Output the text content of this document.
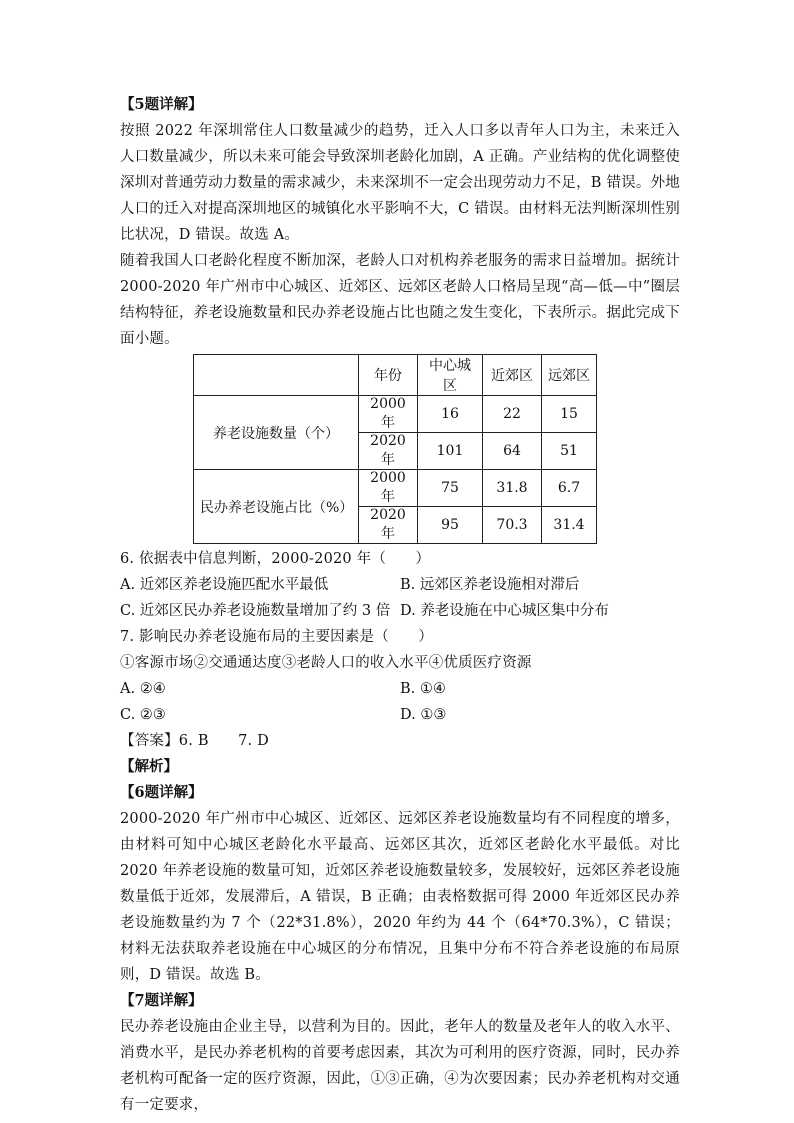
【5题详解】

按照 2022 年深圳常住人口数量减少的趋势，迁入人口多以青年人口为主，未来迁入人口数量减少，所以未来可能会导致深圳老龄化加剧，A 正确。产业结构的优化调整使深圳对普通劳动力数量的需求减少，未来深圳不一定会出现劳动力不足，B 错误。外地人口的迁入对提高深圳地区的城镇化水平影响不大，C 错误。由材料无法判断深圳性别比状况，D 错误。故选 A。

随着我国人口老龄化程度不断加深，老龄人口对机构养老服务的需求日益增加。据统计 2000-2020 年广州市中心城区、近郊区、远郊区老龄人口格局呈现“高—低—中”圈层结构特征，养老设施数量和民办养老设施占比也随之发生变化，下表所示。据此完成下面小题。

	年份	中心城区	近郊区	远郊区
养老设施数量（个）	2000 年	16	22	15
	2020 年	101	64	51
民办养老设施占比（%）	2000 年	75	31.8	6.7
	2020 年	95	70.3	31.4

6. 依据表中信息判断，2000-2020 年（　　）

A. 近郊区养老设施匹配水平最低	B. 远郊区养老设施相对滞后
C. 近郊区民办养老设施数量增加了约 3 倍 D. 养老设施在中心城区集中分布

7. 影响民办养老设施布局的主要因素是（　　）

①客源市场②交通通达度③老龄人口的收入水平④优质医疗资源

A. ②④	B. ①④
C. ②③	D. ①③

【答案】6. B　　7. D

【解析】

【6题详解】

2000-2020 年广州市中心城区、近郊区、远郊区养老设施数量均有不同程度的增多，由材料可知中心城区老龄化水平最高、远郊区其次，近郊区老龄化水平最低。对比 2020 年养老设施的数量可知，近郊区养老设施数量较多，发展较好，远郊区养老设施数量低于近郊，发展滞后，A 错误，B 正确；由表格数据可得 2000 年近郊区民办养老设施数量约为 7 个（22*31.8%），2020 年约为 44 个（64*70.3%），C 错误；材料无法获取养老设施在中心城区的分布情况，且集中分布不符合养老设施的布局原则，D 错误。故选 B。

【7题详解】

民办养老设施由企业主导，以营利为目的。因此，老年人的数量及老年人的收入水平、消费水平，是民办养老机构的首要考虑因素，其次为可利用的医疗资源，同时，民办养老机构可配备一定的医疗资源，因此，①③正确，④为次要因素；民办养老机构对交通有一定要求，
